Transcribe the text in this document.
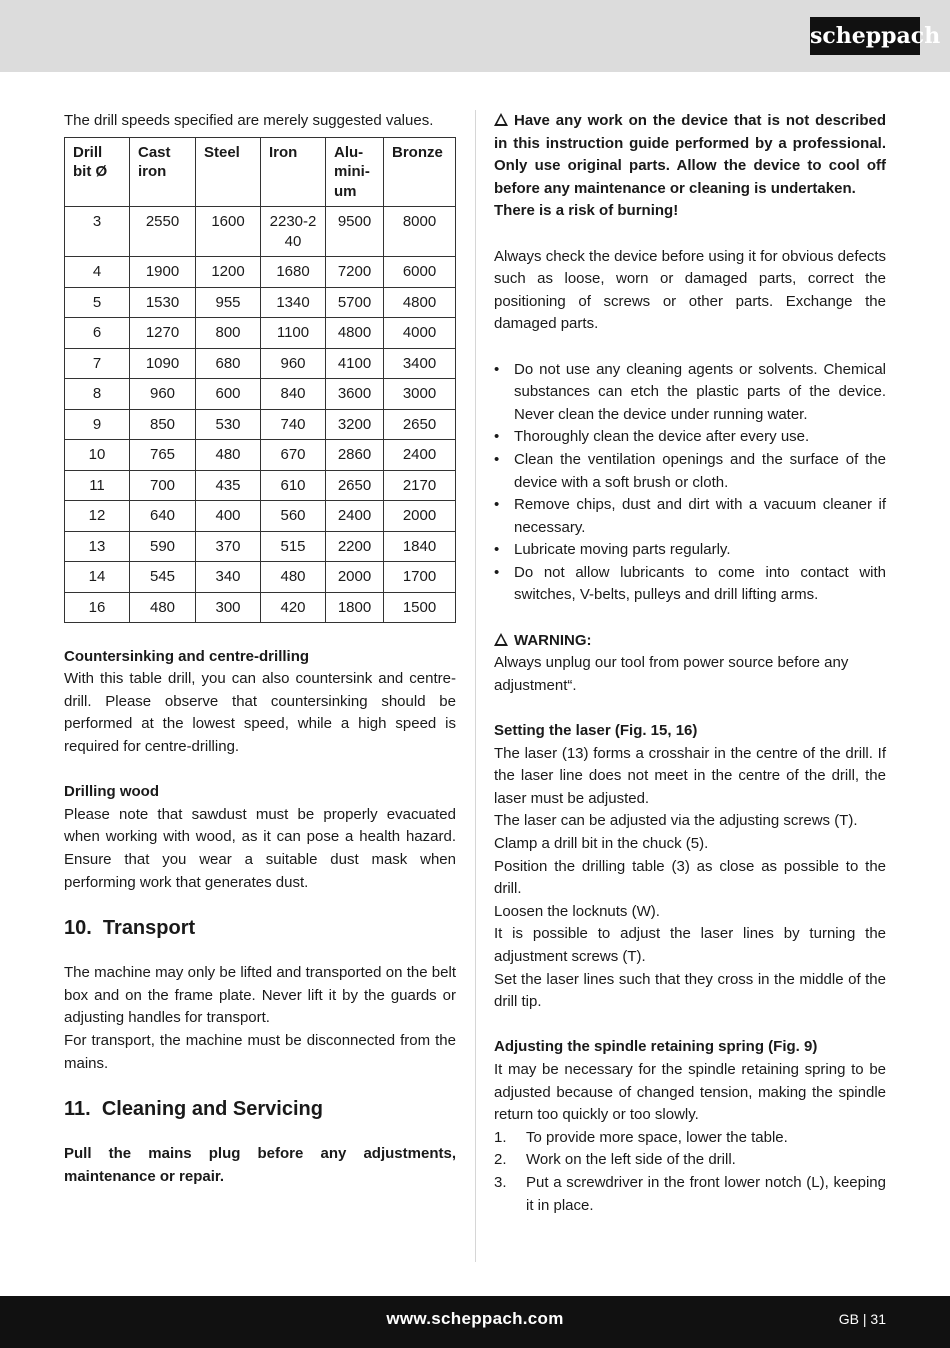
scheppach

The drill speeds specified are merely suggested values.

Drill bit Ø	Cast iron	Steel	Iron	Aluminium	Bronze
3	2550	1600	2230-240	9500	8000
4	1900	1200	1680	7200	6000
5	1530	955	1340	5700	4800
6	1270	800	1100	4800	4000
7	1090	680	960	4100	3400
8	960	600	840	3600	3000
9	850	530	740	3200	2650
10	765	480	670	2860	2400
11	700	435	610	2650	2170
12	640	400	560	2400	2000
13	590	370	515	2200	1840
14	545	340	480	2000	1700
16	480	300	420	1800	1500

Countersinking and centre-drilling

With this table drill, you can also countersink and centre-drill. Please observe that countersinking should be performed at the lowest speed, while a high speed is required for centre-drilling.

Drilling wood

Please note that sawdust must be properly evacuated when working with wood, as it can pose a health hazard. Ensure that you wear a suitable dust mask when performing work that generates dust.

10.  Transport

The machine may only be lifted and transported on the belt box and on the frame plate. Never lift it by the guards or adjusting handles for transport.

For transport, the machine must be disconnected from the mains.

11.  Cleaning and Servicing

Pull the mains plug before any adjustments, maintenance or repair.

Have any work on the device that is not described in this instruction guide performed by a professional. Only use original parts. Allow the device to cool off before any maintenance or cleaning is undertaken.

There is a risk of burning!

Always check the device before using it for obvious defects such as loose, worn or damaged parts, correct the positioning of screws or other parts. Exchange the damaged parts.

• Do not use any cleaning agents or solvents. Chemical substances can etch the plastic parts of the device. Never clean the device under running water.
• Thoroughly clean the device after every use.
• Clean the ventilation openings and the surface of the device with a soft brush or cloth.
• Remove chips, dust and dirt with a vacuum cleaner if necessary.
• Lubricate moving parts regularly.
• Do not allow lubricants to come into contact with switches, V-belts, pulleys and drill lifting arms.

WARNING:

Always unplug our tool from power source before any adjustment“.

Setting the laser (Fig. 15, 16)

The laser (13) forms a crosshair in the centre of the drill. If the laser line does not meet in the centre of the drill, the laser must be adjusted.

The laser can be adjusted via the adjusting screws (T).

Clamp a drill bit in the chuck (5).

Position the drilling table (3) as close as possible to the drill.

Loosen the locknuts (W).

It is possible to adjust the laser lines by turning the adjustment screws (T).

Set the laser lines such that they cross in the middle of the drill tip.

Adjusting the spindle retaining spring (Fig. 9)

It may be necessary for the spindle retaining spring to be adjusted because of changed tension, making the spindle return too quickly or too slowly.

1. To provide more space, lower the table.
2. Work on the left side of the drill.
3. Put a screwdriver in the front lower notch (L), keeping it in place.
www.scheppach.com	GB | 31
